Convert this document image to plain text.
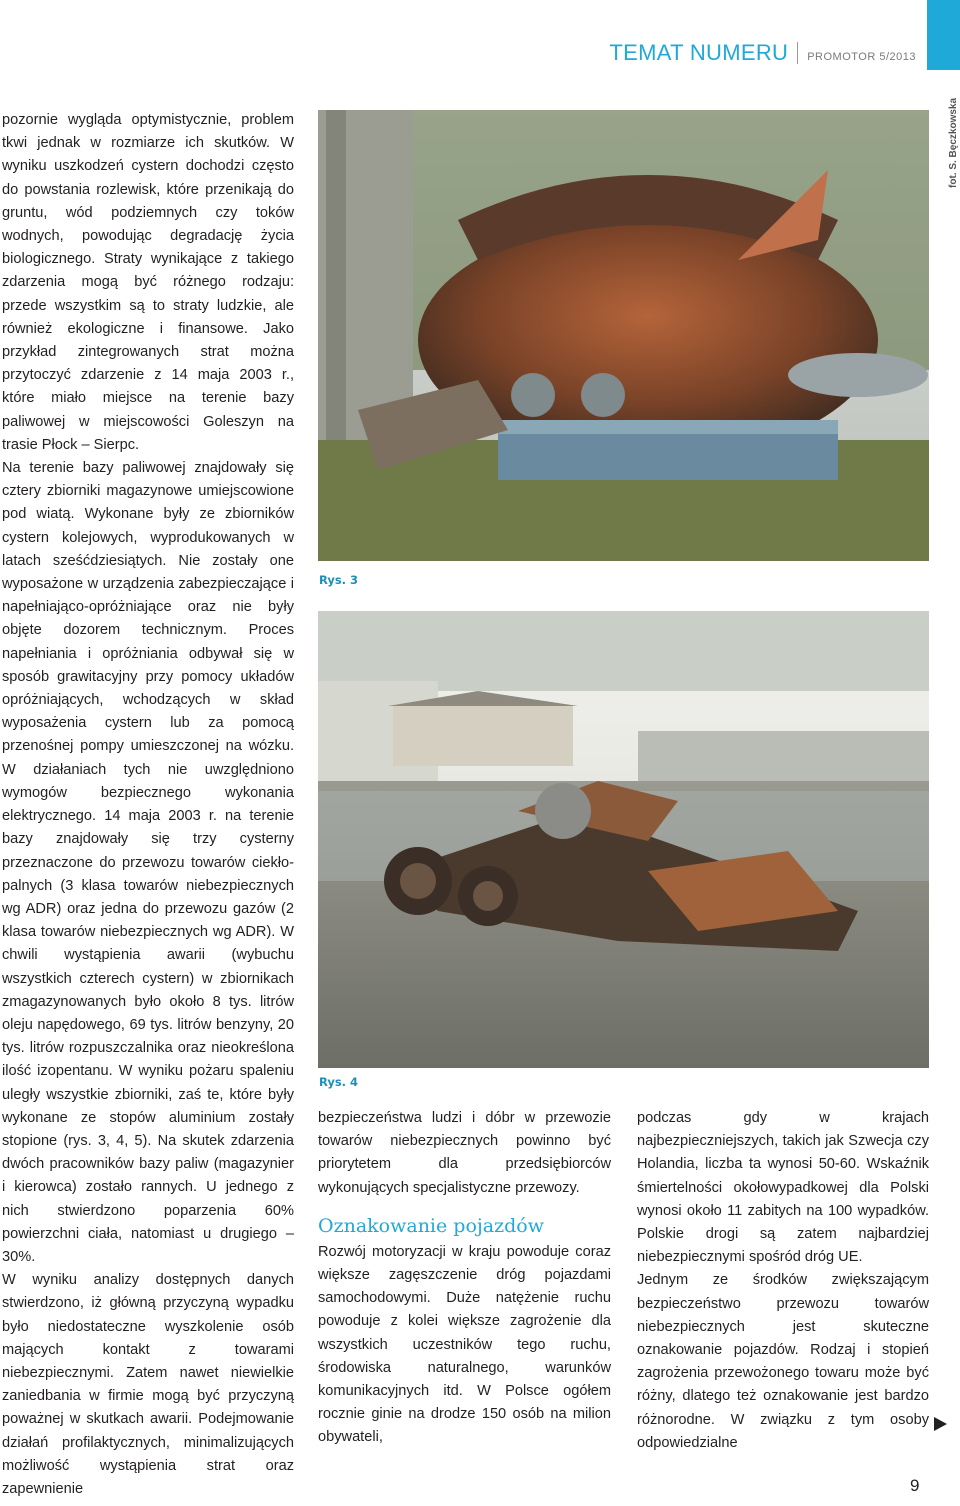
TEMAT NUMERU PROMOTOR 5/2013

pozornie wygląda optymistycznie, problem tkwi jednak w rozmiarze ich skutków. W wyniku uszkodzeń cystern dochodzi często do powstania rozlewisk, które przenikają do gruntu, wód podziemnych czy toków wodnych, powodując degradację życia biologicznego. Straty wynikające z takiego zdarzenia mogą być różnego rodzaju: przede wszystkim są to straty ludzkie, ale również ekologiczne i finansowe. Jako przykład zintegrowanych strat można przytoczyć zdarzenie z 14 maja 2003 r., które miało miejsce na terenie bazy paliwowej w miejscowości Goleszyn na trasie Płock – Sierpc.

Na terenie bazy paliwowej znajdowały się cztery zbiorniki magazynowe umiejscowione pod wiatą. Wykonane były ze zbiorników cystern kolejowych, wyprodukowanych w latach sześćdziesiątych. Nie zostały one wyposażone w urządzenia zabezpieczające i napełniająco-opróżniające oraz nie były objęte dozorem technicznym. Proces napełniania i opróżniania odbywał się w sposób grawitacyjny przy pomocy układów opróżniających, wchodzących w skład wyposażenia cystern lub za pomocą przenośnej pompy umieszczonej na wózku. W działaniach tych nie uwzględniono wymogów bezpiecznego wykonania elektrycznego. 14 maja 2003 r. na terenie bazy znajdowały się trzy cysterny przeznaczone do przewozu towarów ciekło-palnych (3 klasa towarów niebezpiecznych wg ADR) oraz jedna do przewozu gazów (2 klasa towarów niebezpiecznych wg ADR). W chwili wystąpienia awarii (wybuchu wszystkich czterech cystern) w zbiornikach zmagazynowanych było około 8 tys. litrów oleju napędowego, 69 tys. litrów benzyny, 20 tys. litrów rozpuszczalnika oraz nieokreślona ilość izopentanu. W wyniku pożaru spaleniu uległy wszystkie zbiorniki, zaś te, które były wykonane ze stopów aluminium zostały stopione (rys. 3, 4, 5). Na skutek zdarzenia dwóch pracowników bazy paliw (magazynier i kierowca) zostało rannych. U jednego z nich stwierdzono poparzenia 60% powierzchni ciała, natomiast u drugiego – 30%.

W wyniku analizy dostępnych danych stwierdzono, iż główną przyczyną wypadku było niedostateczne wyszkolenie osób mających kontakt z towarami niebezpiecznymi. Zatem nawet niewielkie zaniedbania w firmie mogą być przyczyną poważnej w skutkach awarii. Podejmowanie działań profilaktycznych, minimalizujących możliwość wystąpienia strat oraz zapewnienie

fot. S. Bęczkowska
Rys. 3
Rys. 4

bezpieczeństwa ludzi i dóbr w przewozie towarów niebezpiecznych powinno być priorytetem dla przedsiębiorców wykonujących specjalistyczne przewozy.

Oznakowanie pojazdów

Rozwój motoryzacji w kraju powoduje coraz większe zagęszczenie dróg pojazdami samochodowymi. Duże natężenie ruchu powoduje z kolei większe zagrożenie dla wszystkich uczestników tego ruchu, środowiska naturalnego, warunków komunikacyjnych itd. W Polsce ogółem rocznie ginie na drodze 150 osób na milion obywateli,

podczas gdy w krajach najbezpieczniejszych, takich jak Szwecja czy Holandia, liczba ta wynosi 50-60. Wskaźnik śmiertelności okołowypadkowej dla Polski wynosi około 11 zabitych na 100 wypadków. Polskie drogi są zatem najbardziej niebezpiecznymi spośród dróg UE.

Jednym ze środków zwiększającym bezpieczeństwo przewozu towarów niebezpiecznych jest skuteczne oznakowanie pojazdów. Rodzaj i stopień zagrożenia przewożonego towaru może być różny, dlatego też oznakowanie jest bardzo różnorodne. W związku z tym osoby odpowiedzialne

9
